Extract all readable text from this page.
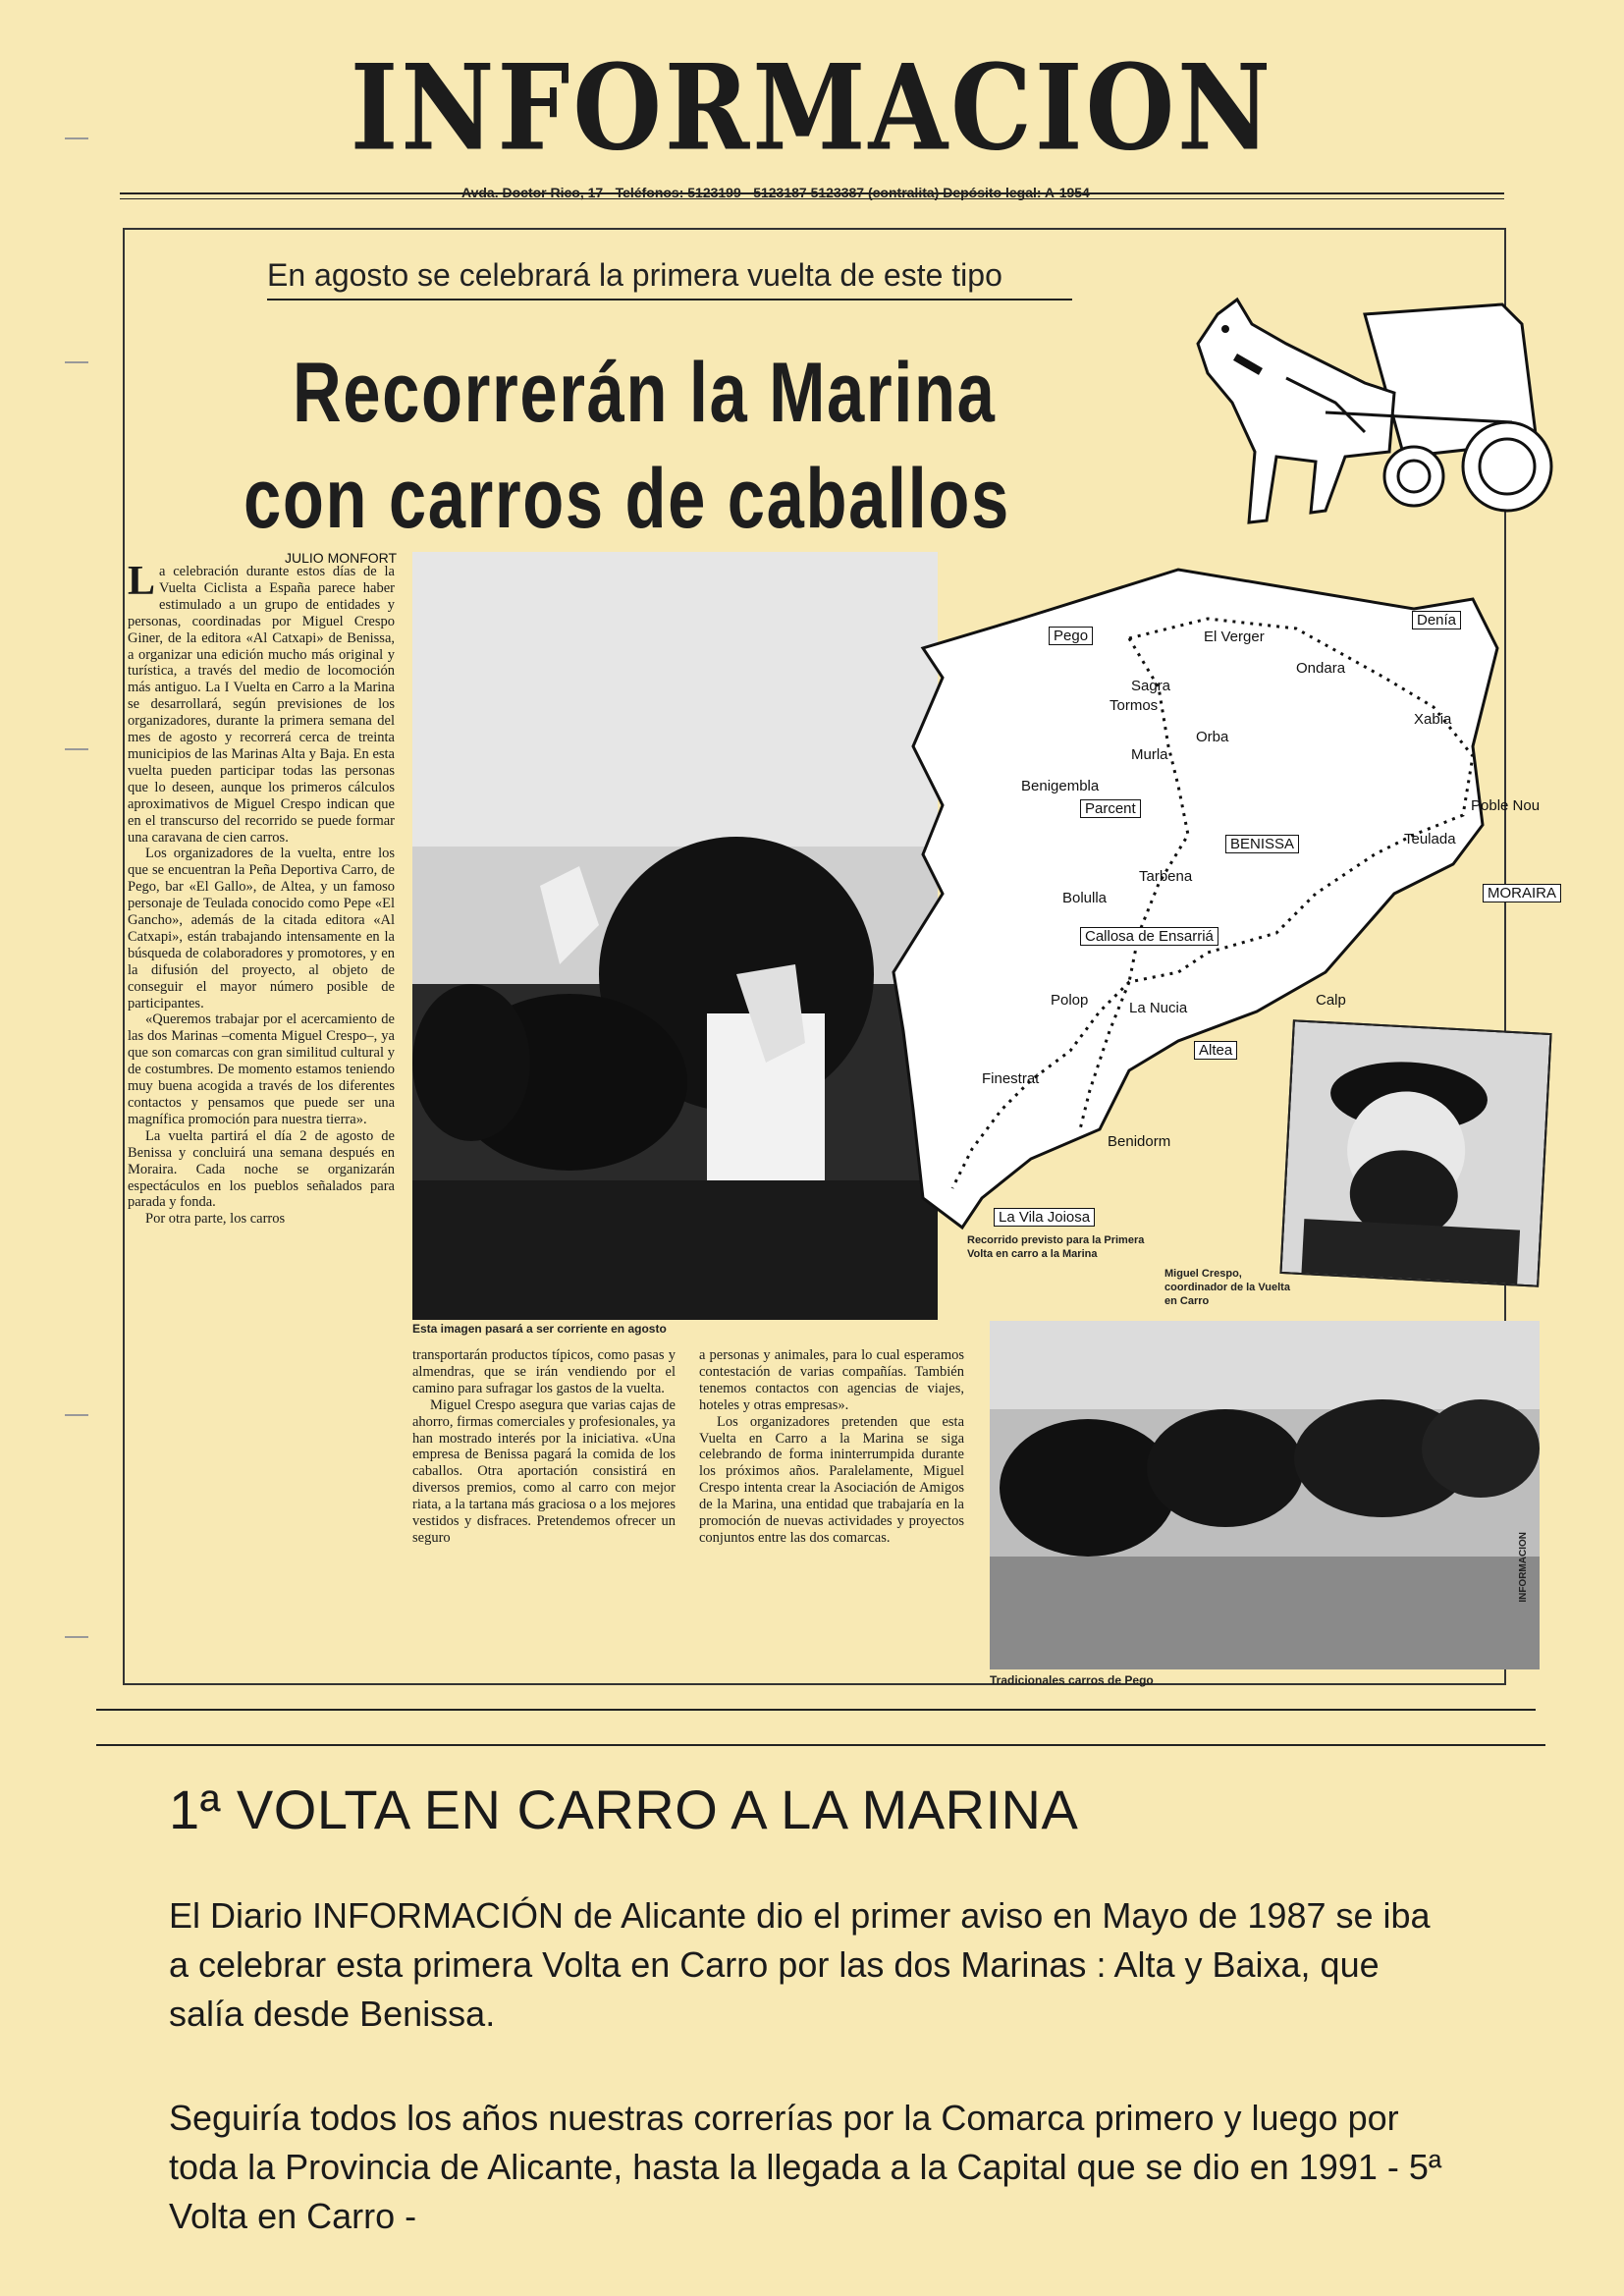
INFORMACION
Avda. Doctor Rico, 17 - Teléfonos: 5123199 - 5123187 5123387 (contralita) Depósito legal: A-1954
En agosto se celebrará la primera vuelta de este tipo
Recorrerán la Marina
con carros de caballos
JULIO MONFORT

La celebración durante estos días de la Vuelta Ciclista a España parece haber estimulado a un grupo de entidades y personas, coordinadas por Miguel Crespo Giner, de la editora «Al Catxapi» de Benissa, a organizar una edición mucho más original y turística, a través del medio de locomoción más antiguo. La I Vuelta en Carro a la Marina se desarrollará, según previsiones de los organizadores, durante la primera semana del mes de agosto y recorrerá cerca de treinta municipios de las Marinas Alta y Baja. En esta vuelta pueden participar todas las personas que lo deseen, aunque los primeros cálculos aproximativos de Miguel Crespo indican que en el transcurso del recorrido se puede formar una caravana de cien carros.

Los organizadores de la vuelta, entre los que se encuentran la Peña Deportiva Carro, de Pego, bar «El Gallo», de Altea, y un famoso personaje de Teulada conocido como Pepe «El Gancho», además de la citada editora «Al Catxapi», están trabajando intensamente en la búsqueda de colaboradores y promotores, y en la difusión del proyecto, al objeto de conseguir el mayor número posible de participantes.

«Queremos trabajar por el acercamiento de las dos Marinas –comenta Miguel Crespo–, ya que son comarcas con gran similitud cultural y de costumbres. De momento estamos teniendo muy buena acogida a través de los diferentes contactos y pensamos que puede ser una magnífica promoción para nuestra tierra».

La vuelta partirá el día 2 de agosto de Benissa y concluirá una semana después en Moraira. Cada noche se organizarán espectáculos en los pueblos señalados para parada y fonda.

Por otra parte, los carros

Esta imagen pasará a ser corriente en agosto
Pego	El Verger
Denía
Ondara
Sagra
Tormos
Orba
Xabia
Murla
Benigembla
Parcent	Poble Nou
BENISSA	Teulada
Tarbena
MORAIRA
Bolulla
Callosa de Ensarriá
Polop	La Nucia	Calp
Altea
Finestrat
Benidorm
La Vila Joiosa
Recorrido previsto para la Primera Volta en carro a la Marina
Miguel Crespo, coordinador de la Vuelta en Carro

transportarán productos típicos, como pasas y almendras, que se irán vendiendo por el camino para sufragar los gastos de la vuelta.

Miguel Crespo asegura que varias cajas de ahorro, firmas comerciales y profesionales, ya han mostrado interés por la iniciativa. «Una empresa de Benissa pagará la comida de los caballos. Otra aportación consistirá en diversos premios, como al carro con mejor riata, a la tartana más graciosa o a los mejores vestidos y disfraces. Pretendemos ofrecer un seguro

a personas y animales, para lo cual esperamos contestación de varias compañías. También tenemos contactos con agencias de viajes, hoteles y otras empresas».

Los organizadores pretenden que esta Vuelta en Carro a la Marina se siga celebrando de forma ininterrumpida durante los próximos años. Paralelamente, Miguel Crespo intenta crear la Asociación de Amigos de la Marina, una entidad que trabajaría en la promoción de nuevas actividades y proyectos conjuntos entre las dos comarcas.

Tradicionales carros de Pego
INFORMACION
1ª VOLTA EN CARRO A LA MARINA
El Diario INFORMACIÓN de Alicante dio el primer aviso en Mayo de 1987 se iba a celebrar esta primera Volta en Carro por las dos Marinas : Alta y Baixa, que salía desde Benissa.
Seguiría todos los años nuestras correrías por la Comarca primero y luego por toda la Provincia de Alicante, hasta la llegada a la Capital que se dio en 1991 - 5ª Volta en Carro -
